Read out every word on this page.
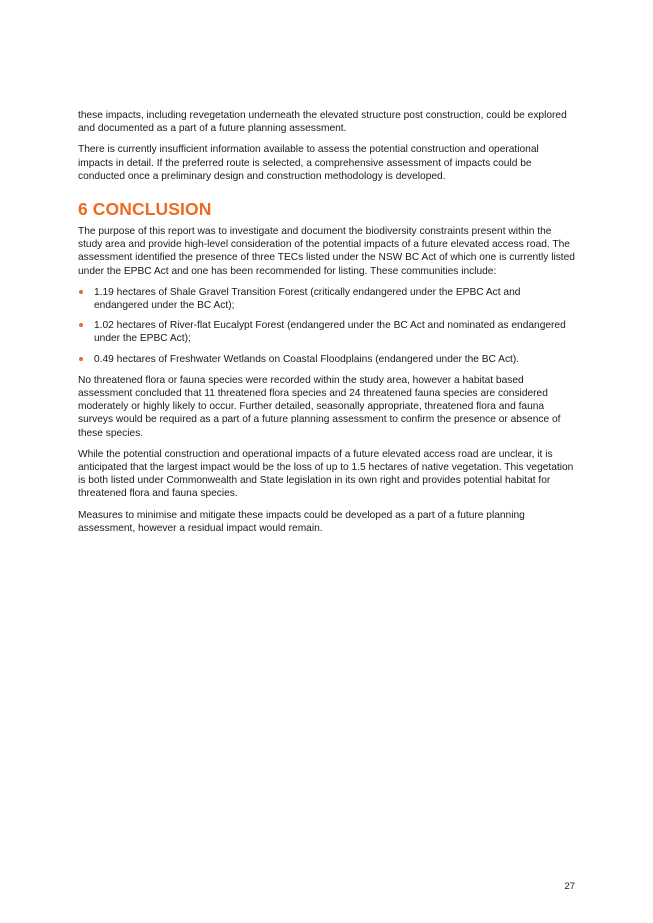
these impacts, including revegetation underneath the elevated structure post construction, could be explored and documented as a part of a future planning assessment.

There is currently insufficient information available to assess the potential construction and operational impacts in detail. If the preferred route is selected, a comprehensive assessment of impacts could be conducted once a preliminary design and construction methodology is developed.

6 CONCLUSION

The purpose of this report was to investigate and document the biodiversity constraints present within the study area and provide high-level consideration of the potential impacts of a future elevated access road. The assessment identified the presence of three TECs listed under the NSW BC Act of which one is currently listed under the EPBC Act and one has been recommended for listing. These communities include:

1.19 hectares of Shale Gravel Transition Forest (critically endangered under the EPBC Act and endangered under the BC Act);
1.02 hectares of River-flat Eucalypt Forest (endangered under the BC Act and nominated as endangered under the EPBC Act);
0.49 hectares of Freshwater Wetlands on Coastal Floodplains (endangered under the BC Act).

No threatened flora or fauna species were recorded within the study area, however a habitat based assessment concluded that 11 threatened flora species and 24 threatened fauna species are considered moderately or highly likely to occur. Further detailed, seasonally appropriate, threatened flora and fauna surveys would be required as a part of a future planning assessment to confirm the presence or absence of these species.

While the potential construction and operational impacts of a future elevated access road are unclear, it is anticipated that the largest impact would be the loss of up to 1.5 hectares of native vegetation. This vegetation is both listed under Commonwealth and State legislation in its own right and provides potential habitat for threatened flora and fauna species.

Measures to minimise and mitigate these impacts could be developed as a part of a future planning assessment, however a residual impact would remain.

27
